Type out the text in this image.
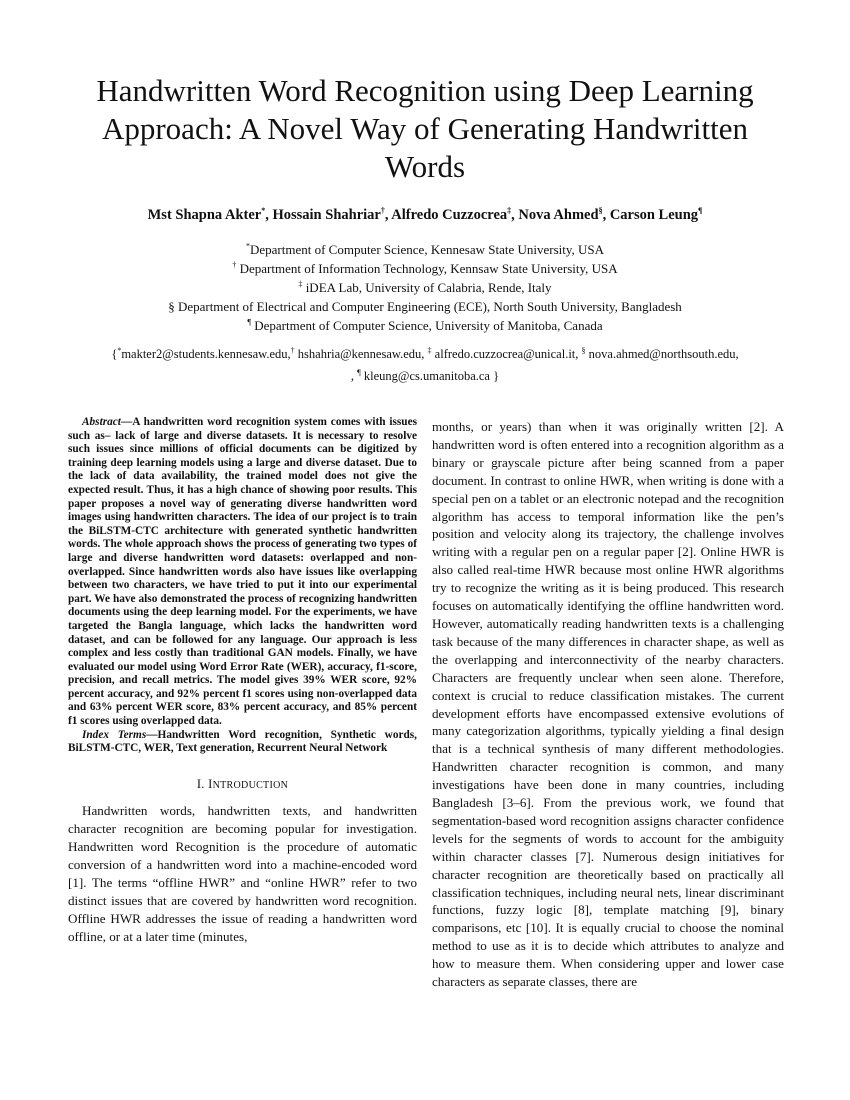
Handwritten Word Recognition using Deep Learning Approach: A Novel Way of Generating Handwritten Words
Mst Shapna Akter*, Hossain Shahriar†, Alfredo Cuzzocrea‡, Nova Ahmed§, Carson Leung¶
*Department of Computer Science, Kennesaw State University, USA
† Department of Information Technology, Kennsaw State University, USA
‡ iDEA Lab, University of Calabria, Rende, Italy
§ Department of Electrical and Computer Engineering (ECE), North South University, Bangladesh
¶ Department of Computer Science, University of Manitoba, Canada
{*makter2@students.kennesaw.edu,† hshahria@kennesaw.edu, ‡ alfredo.cuzzocrea@unical.it, § nova.ahmed@northsouth.edu,
, ¶ kleung@cs.umanitoba.ca }

Abstract—A handwritten word recognition system comes with issues such as– lack of large and diverse datasets. It is necessary to resolve such issues since millions of official documents can be digitized by training deep learning models using a large and diverse dataset. Due to the lack of data availability, the trained model does not give the expected result. Thus, it has a high chance of showing poor results. This paper proposes a novel way of generating diverse handwritten word images using handwritten characters. The idea of our project is to train the BiLSTM-CTC architecture with generated synthetic handwritten words. The whole approach shows the process of generating two types of large and diverse handwritten word datasets: overlapped and non-overlapped. Since handwritten words also have issues like overlapping between two characters, we have tried to put it into our experimental part. We have also demonstrated the process of recognizing handwritten documents using the deep learning model. For the experiments, we have targeted the Bangla language, which lacks the handwritten word dataset, and can be followed for any language. Our approach is less complex and less costly than traditional GAN models. Finally, we have evaluated our model using Word Error Rate (WER), accuracy, f1-score, precision, and recall metrics. The model gives 39% WER score, 92% percent accuracy, and 92% percent f1 scores using non-overlapped data and 63% percent WER score, 83% percent accuracy, and 85% percent f1 scores using overlapped data.

Index Terms—Handwritten Word recognition, Synthetic words, BiLSTM-CTC, WER, Text generation, Recurrent Neural Network

I. INTRODUCTION

Handwritten words, handwritten texts, and handwritten character recognition are becoming popular for investigation. Handwritten word Recognition is the procedure of automatic conversion of a handwritten word into a machine-encoded word [1]. The terms “offline HWR” and “online HWR” refer to two distinct issues that are covered by handwritten word recognition. Offline HWR addresses the issue of reading a handwritten word offline, or at a later time (minutes,

months, or years) than when it was originally written [2]. A handwritten word is often entered into a recognition algorithm as a binary or grayscale picture after being scanned from a paper document. In contrast to online HWR, when writing is done with a special pen on a tablet or an electronic notepad and the recognition algorithm has access to temporal information like the pen’s position and velocity along its trajectory, the challenge involves writing with a regular pen on a regular paper [2]. Online HWR is also called real-time HWR because most online HWR algorithms try to recognize the writing as it is being produced. This research focuses on automatically identifying the offline handwritten word. However, automatically reading handwritten texts is a challenging task because of the many differences in character shape, as well as the overlapping and interconnectivity of the nearby characters. Characters are frequently unclear when seen alone. Therefore, context is crucial to reduce classification mistakes. The current development efforts have encompassed extensive evolutions of many categorization algorithms, typically yielding a final design that is a technical synthesis of many different methodologies. Handwritten character recognition is common, and many investigations have been done in many countries, including Bangladesh [3–6]. From the previous work, we found that segmentation-based word recognition assigns character confidence levels for the segments of words to account for the ambiguity within character classes [7]. Numerous design initiatives for character recognition are theoretically based on practically all classification techniques, including neural nets, linear discriminant functions, fuzzy logic [8], template matching [9], binary comparisons, etc [10]. It is equally crucial to choose the nominal method to use as it is to decide which attributes to analyze and how to measure them. When considering upper and lower case characters as separate classes, there are
